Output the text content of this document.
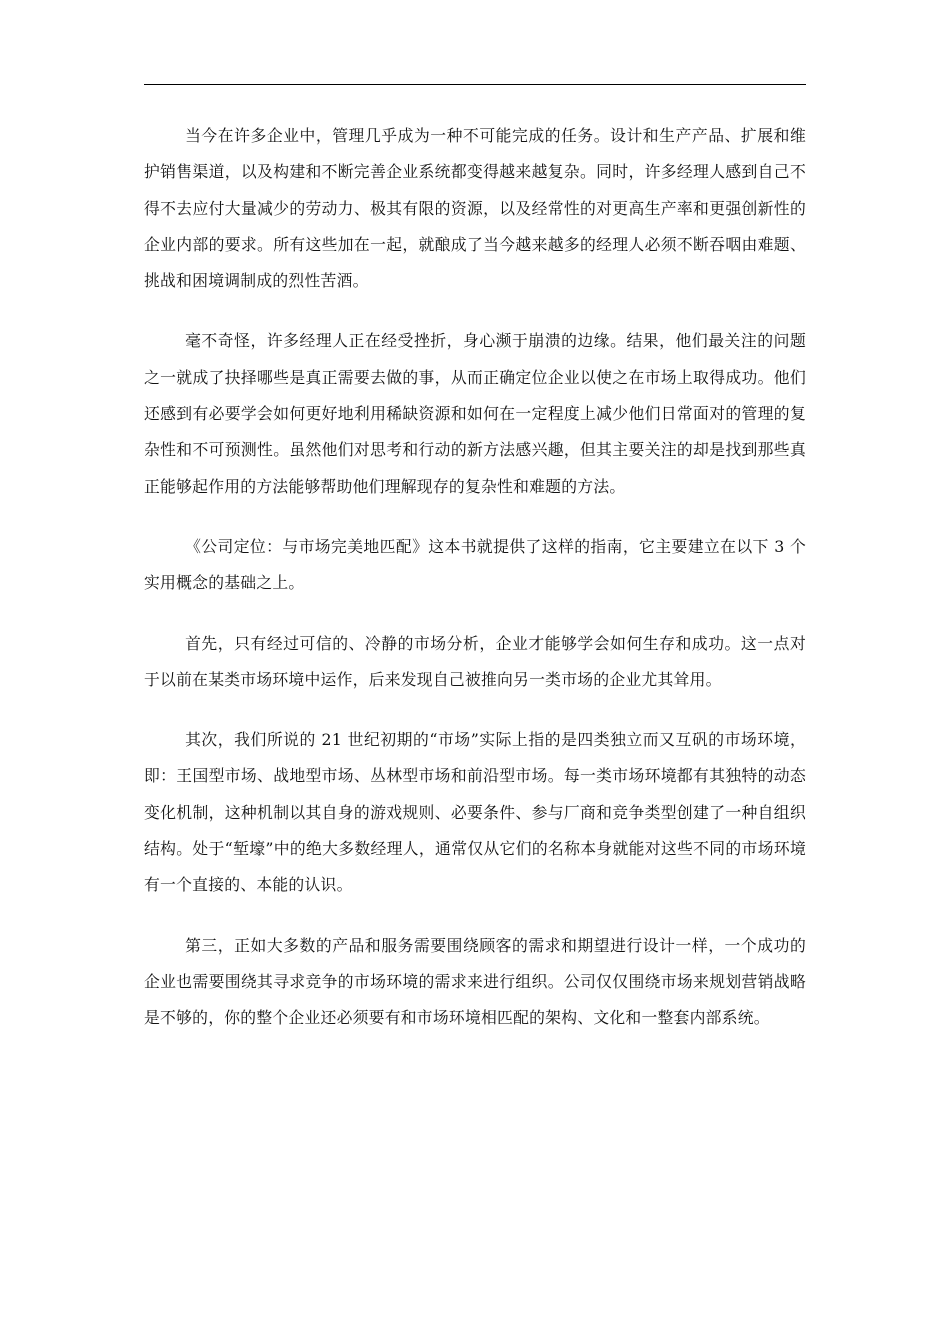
当今在许多企业中，管理几乎成为一种不可能完成的任务。设计和生产产品、扩展和维护销售渠道，以及构建和不断完善企业系统都变得越来越复杂。同时，许多经理人感到自己不得不去应付大量减少的劳动力、极其有限的资源，以及经常性的对更高生产率和更强创新性的企业内部的要求。所有这些加在一起，就酿成了当今越来越多的经理人必须不断吞咽由难题、挑战和困境调制成的烈性苦酒。

毫不奇怪，许多经理人正在经受挫折，身心濒于崩溃的边缘。结果，他们最关注的问题之一就成了抉择哪些是真正需要去做的事，从而正确定位企业以使之在市场上取得成功。他们还感到有必要学会如何更好地利用稀缺资源和如何在一定程度上减少他们日常面对的管理的复杂性和不可预测性。虽然他们对思考和行动的新方法感兴趣，但其主要关注的却是找到那些真正能够起作用的方法能够帮助他们理解现存的复杂性和难题的方法。

《公司定位：与市场完美地匹配》这本书就提供了这样的指南，它主要建立在以下 3 个实用概念的基础之上。

首先，只有经过可信的、冷静的市场分析，企业才能够学会如何生存和成功。这一点对于以前在某类市场环境中运作，后来发现自己被推向另一类市场的企业尤其耸用。

其次，我们所说的 21 世纪初期的“市场”实际上指的是四类独立而又互矾的市场环境，即：王国型市场、战地型市场、丛林型市场和前沿型市场。每一类市场环境都有其独特的动态变化机制，这种机制以其自身的游戏规则、必要条件、参与厂商和竞争类型创建了一种自组织结构。处于“堑壕”中的绝大多数经理人，通常仅从它们的名称本身就能对这些不同的市场环境有一个直接的、本能的认识。

第三，正如大多数的产品和服务需要围绕顾客的需求和期望进行设计一样，一个成功的企业也需要围绕其寻求竞争的市场环境的需求来进行组织。公司仅仅围绕市场来规划营销战略是不够的，你的整个企业还必须要有和市场环境相匹配的架构、文化和一整套内部系统。
